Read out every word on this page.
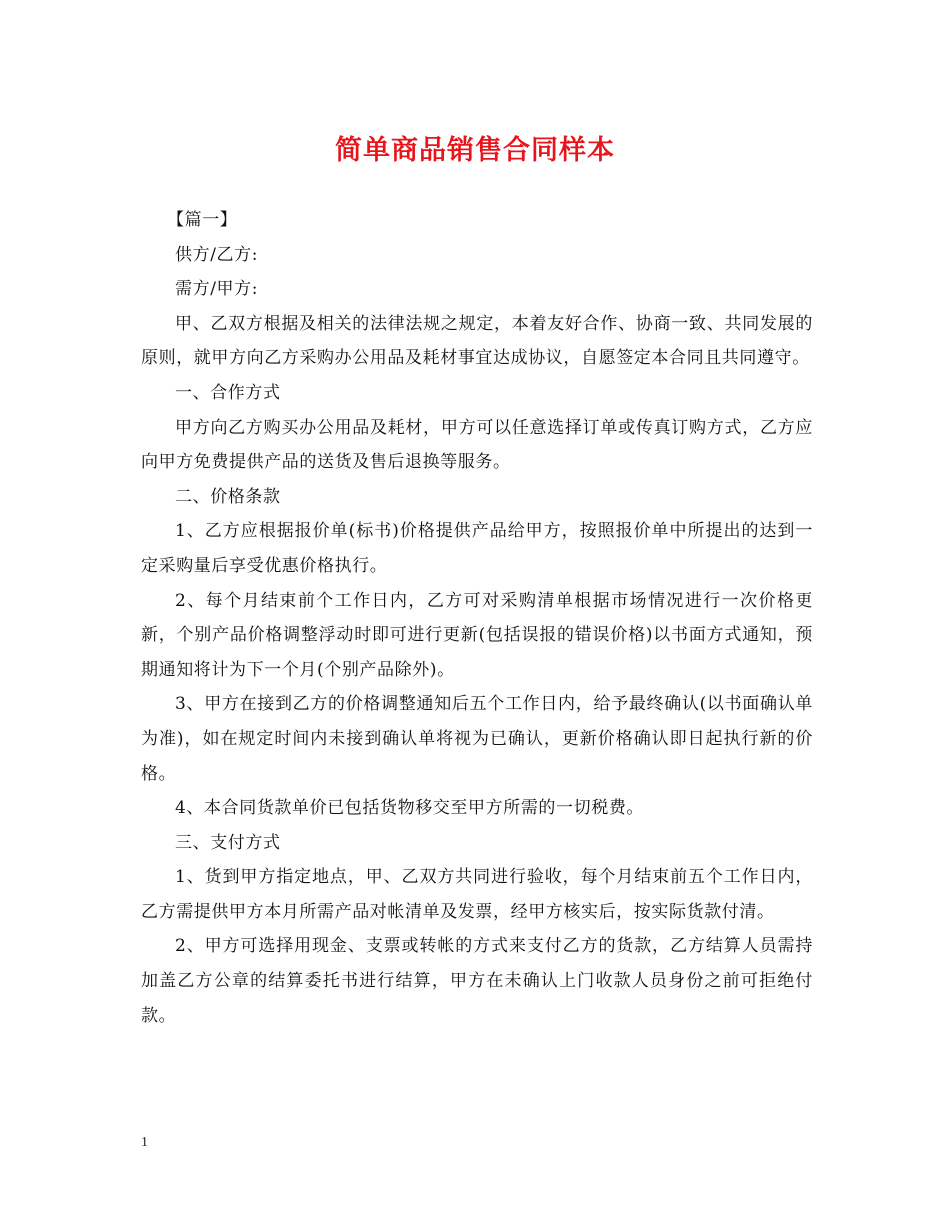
简单商品销售合同样本

【篇一】

供方/乙方:

需方/甲方:

甲、乙双方根据及相关的法律法规之规定，本着友好合作、协商一致、共同发展的原则，就甲方向乙方采购办公用品及耗材事宜达成协议，自愿签定本合同且共同遵守。

一、合作方式

甲方向乙方购买办公用品及耗材，甲方可以任意选择订单或传真订购方式，乙方应向甲方免费提供产品的送货及售后退换等服务。

二、价格条款

1、乙方应根据报价单(标书)价格提供产品给甲方，按照报价单中所提出的达到一定采购量后享受优惠价格执行。

2、每个月结束前个工作日内，乙方可对采购清单根据市场情况进行一次价格更新，个别产品价格调整浮动时即可进行更新(包括误报的错误价格)以书面方式通知，预期通知将计为下一个月(个别产品除外)。

3、甲方在接到乙方的价格调整通知后五个工作日内，给予最终确认(以书面确认单为准)，如在规定时间内未接到确认单将视为已确认，更新价格确认即日起执行新的价格。

4、本合同货款单价已包括货物移交至甲方所需的一切税费。

三、支付方式

1、货到甲方指定地点，甲、乙双方共同进行验收，每个月结束前五个工作日内，乙方需提供甲方本月所需产品对帐清单及发票，经甲方核实后，按实际货款付清。

2、甲方可选择用现金、支票或转帐的方式来支付乙方的货款，乙方结算人员需持加盖乙方公章的结算委托书进行结算，甲方在未确认上门收款人员身份之前可拒绝付款。

1
